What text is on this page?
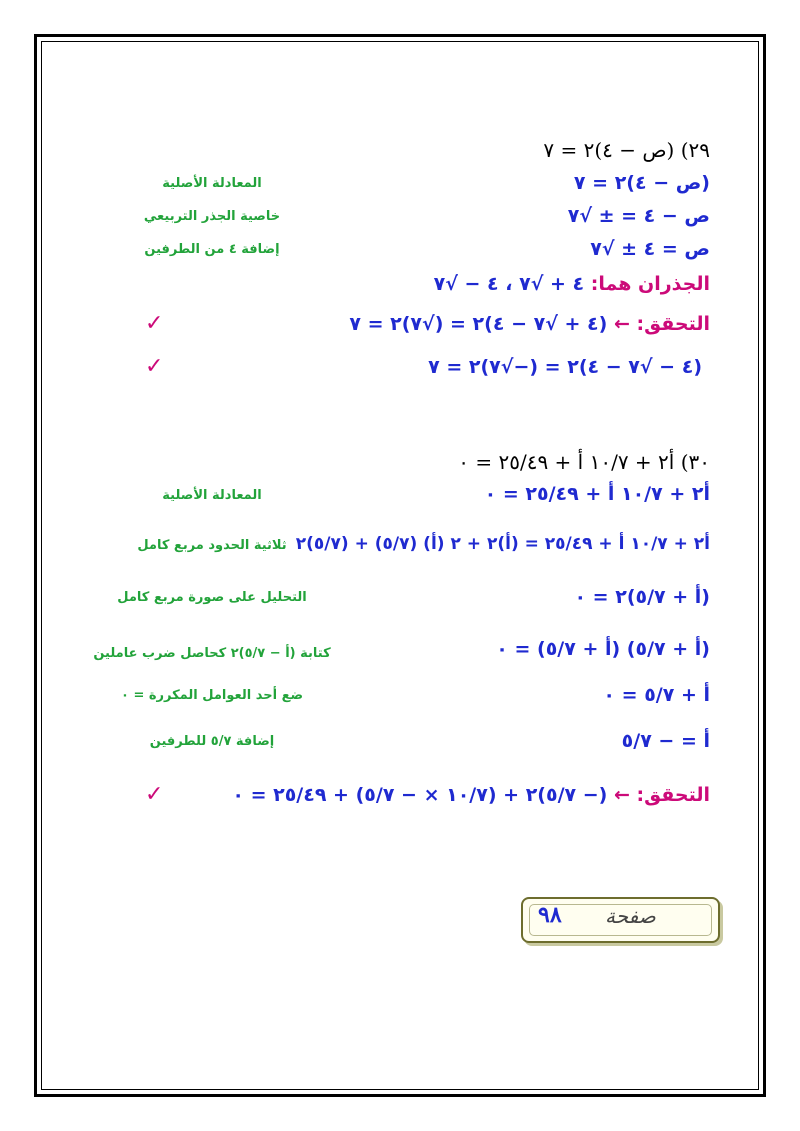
٢٩) (ص − ٤)٢ = ٧
(ص − ٤)٢ = ٧
المعادلة الأصلية
ص − ٤ = ± √٧
خاصية الجذر التربيعي
ص = ٤ ± √٧
إضافة ٤ من الطرفين
الجذران هما: ٤ + √٧ ، ٤ − √٧
التحقق: ← (٤ + √٧ − ٤)٢ = (√٧)٢ = ٧
✓
(٤ − √٧ − ٤)٢ = (−√٧)٢ = ٧
✓
٣٠) أ٢ + ١٠/٧ أ + ٢٥/٤٩ = ٠
أ٢ + ١٠/٧ أ + ٢٥/٤٩ = ٠
المعادلة الأصلية
أ٢ + ١٠/٧ أ + ٢٥/٤٩ = (أ)٢ + ٢ (أ) (٥/٧) + (٥/٧)٢
ثلاثية الحدود مربع كامل
(أ + ٥/٧)٢ = ٠
التحليل على صورة مربع كامل
(أ + ٥/٧) (أ + ٥/٧) = ٠
كتابة (أ − ٥/٧)٢ كحاصل ضرب عاملين
أ + ٥/٧ = ٠
ضع أحد العوامل المكررة = ٠
أ = − ٥/٧
إضافة ٥/٧ للطرفين
التحقق: ← (− ٥/٧)٢ + (١٠/٧ × − ٥/٧) + ٢٥/٤٩ = ٠
✓
صفحة
٩٨
